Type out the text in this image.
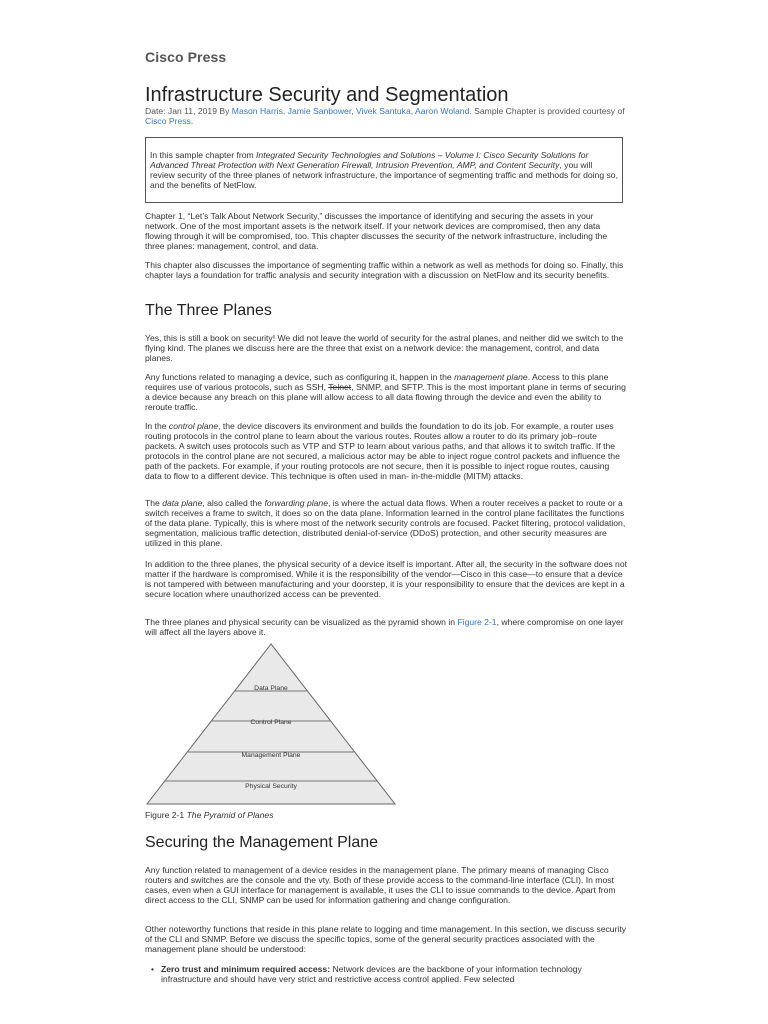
Cisco Press
Infrastructure Security and Segmentation
Date: Jan 11, 2019 By Mason Harris, Jamie Sanbower, Vivek Santuka, Aaron Woland. Sample Chapter is provided courtesy of Cisco Press.
In this sample chapter from Integrated Security Technologies and Solutions – Volume I: Cisco Security Solutions for Advanced Threat Protection with Next Generation Firewall, Intrusion Prevention, AMP, and Content Security, you will review security of the three planes of network infrastructure, the importance of segmenting traffic and methods for doing so, and the benefits of NetFlow.

Chapter 1, “Let’s Talk About Network Security,” discusses the importance of identifying and securing the assets in your network. One of the most important assets is the network itself. If your network devices are compromised, then any data flowing through it will be compromised, too. This chapter discusses the security of the network infrastructure, including the three planes: management, control, and data.

This chapter also discusses the importance of segmenting traffic within a network as well as methods for doing so. Finally, this chapter lays a foundation for traffic analysis and security integration with a discussion on NetFlow and its security benefits.

The Three Planes

Yes, this is still a book on security! We did not leave the world of security for the astral planes, and neither did we switch to the flying kind. The planes we discuss here are the three that exist on a network device: the management, control, and data planes.

Any functions related to managing a device, such as configuring it, happen in the management plane. Access to this plane requires use of various protocols, such as SSH, Telnet, SNMP, and SFTP. This is the most important plane in terms of securing a device because any breach on this plane will allow access to all data flowing through the device and even the ability to reroute traffic.

In the control plane, the device discovers its environment and builds the foundation to do its job. For example, a router uses routing protocols in the control plane to learn about the various routes. Routes allow a router to do its primary job–route packets. A switch uses protocols such as VTP and STP to learn about various paths, and that allows it to switch traffic. If the protocols in the control plane are not secured, a malicious actor may be able to inject rogue control packets and influence the path of the packets. For example, if your routing protocols are not secure, then it is possible to inject rogue routes, causing data to flow to a different device. This technique is often used in man- in-the-middle (MITM) attacks.

The data plane, also called the forwarding plane, is where the actual data flows. When a router receives a packet to route or a switch receives a frame to switch, it does so on the data plane. Information learned in the control plane facilitates the functions of the data plane. Typically, this is where most of the network security controls are focused. Packet filtering, protocol validation, segmentation, malicious traffic detection, distributed denial-of-service (DDoS) protection, and other security measures are utilized in this plane.

In addition to the three planes, the physical security of a device itself is important. After all, the security in the software does not matter if the hardware is compromised. While it is the responsibility of the vendor—Cisco in this case—to ensure that a device is not tampered with between manufacturing and your doorstep, it is your responsibility to ensure that the devices are kept in a secure location where unauthorized access can be prevented.

The three planes and physical security can be visualized as the pyramid shown in Figure 2-1, where compromise on one layer will affect all the layers above it.

Data Plane
Control Plane
Management Plane
Physical Security
Figure 2-1 The Pyramid of Planes
Securing the Management Plane

Any function related to management of a device resides in the management plane. The primary means of managing Cisco routers and switches are the console and the vty. Both of these provide access to the command-line interface (CLI). In most cases, even when a GUI interface for management is available, it uses the CLI to issue commands to the device. Apart from direct access to the CLI, SNMP can be used for information gathering and change configuration.

Other noteworthy functions that reside in this plane relate to logging and time management. In this section, we discuss security of the CLI and SNMP. Before we discuss the specific topics, some of the general security practices associated with the management plane should be understood:

• Zero trust and minimum required access: Network devices are the backbone of your information technology infrastructure and should have very strict and restrictive access control applied. Few selected
